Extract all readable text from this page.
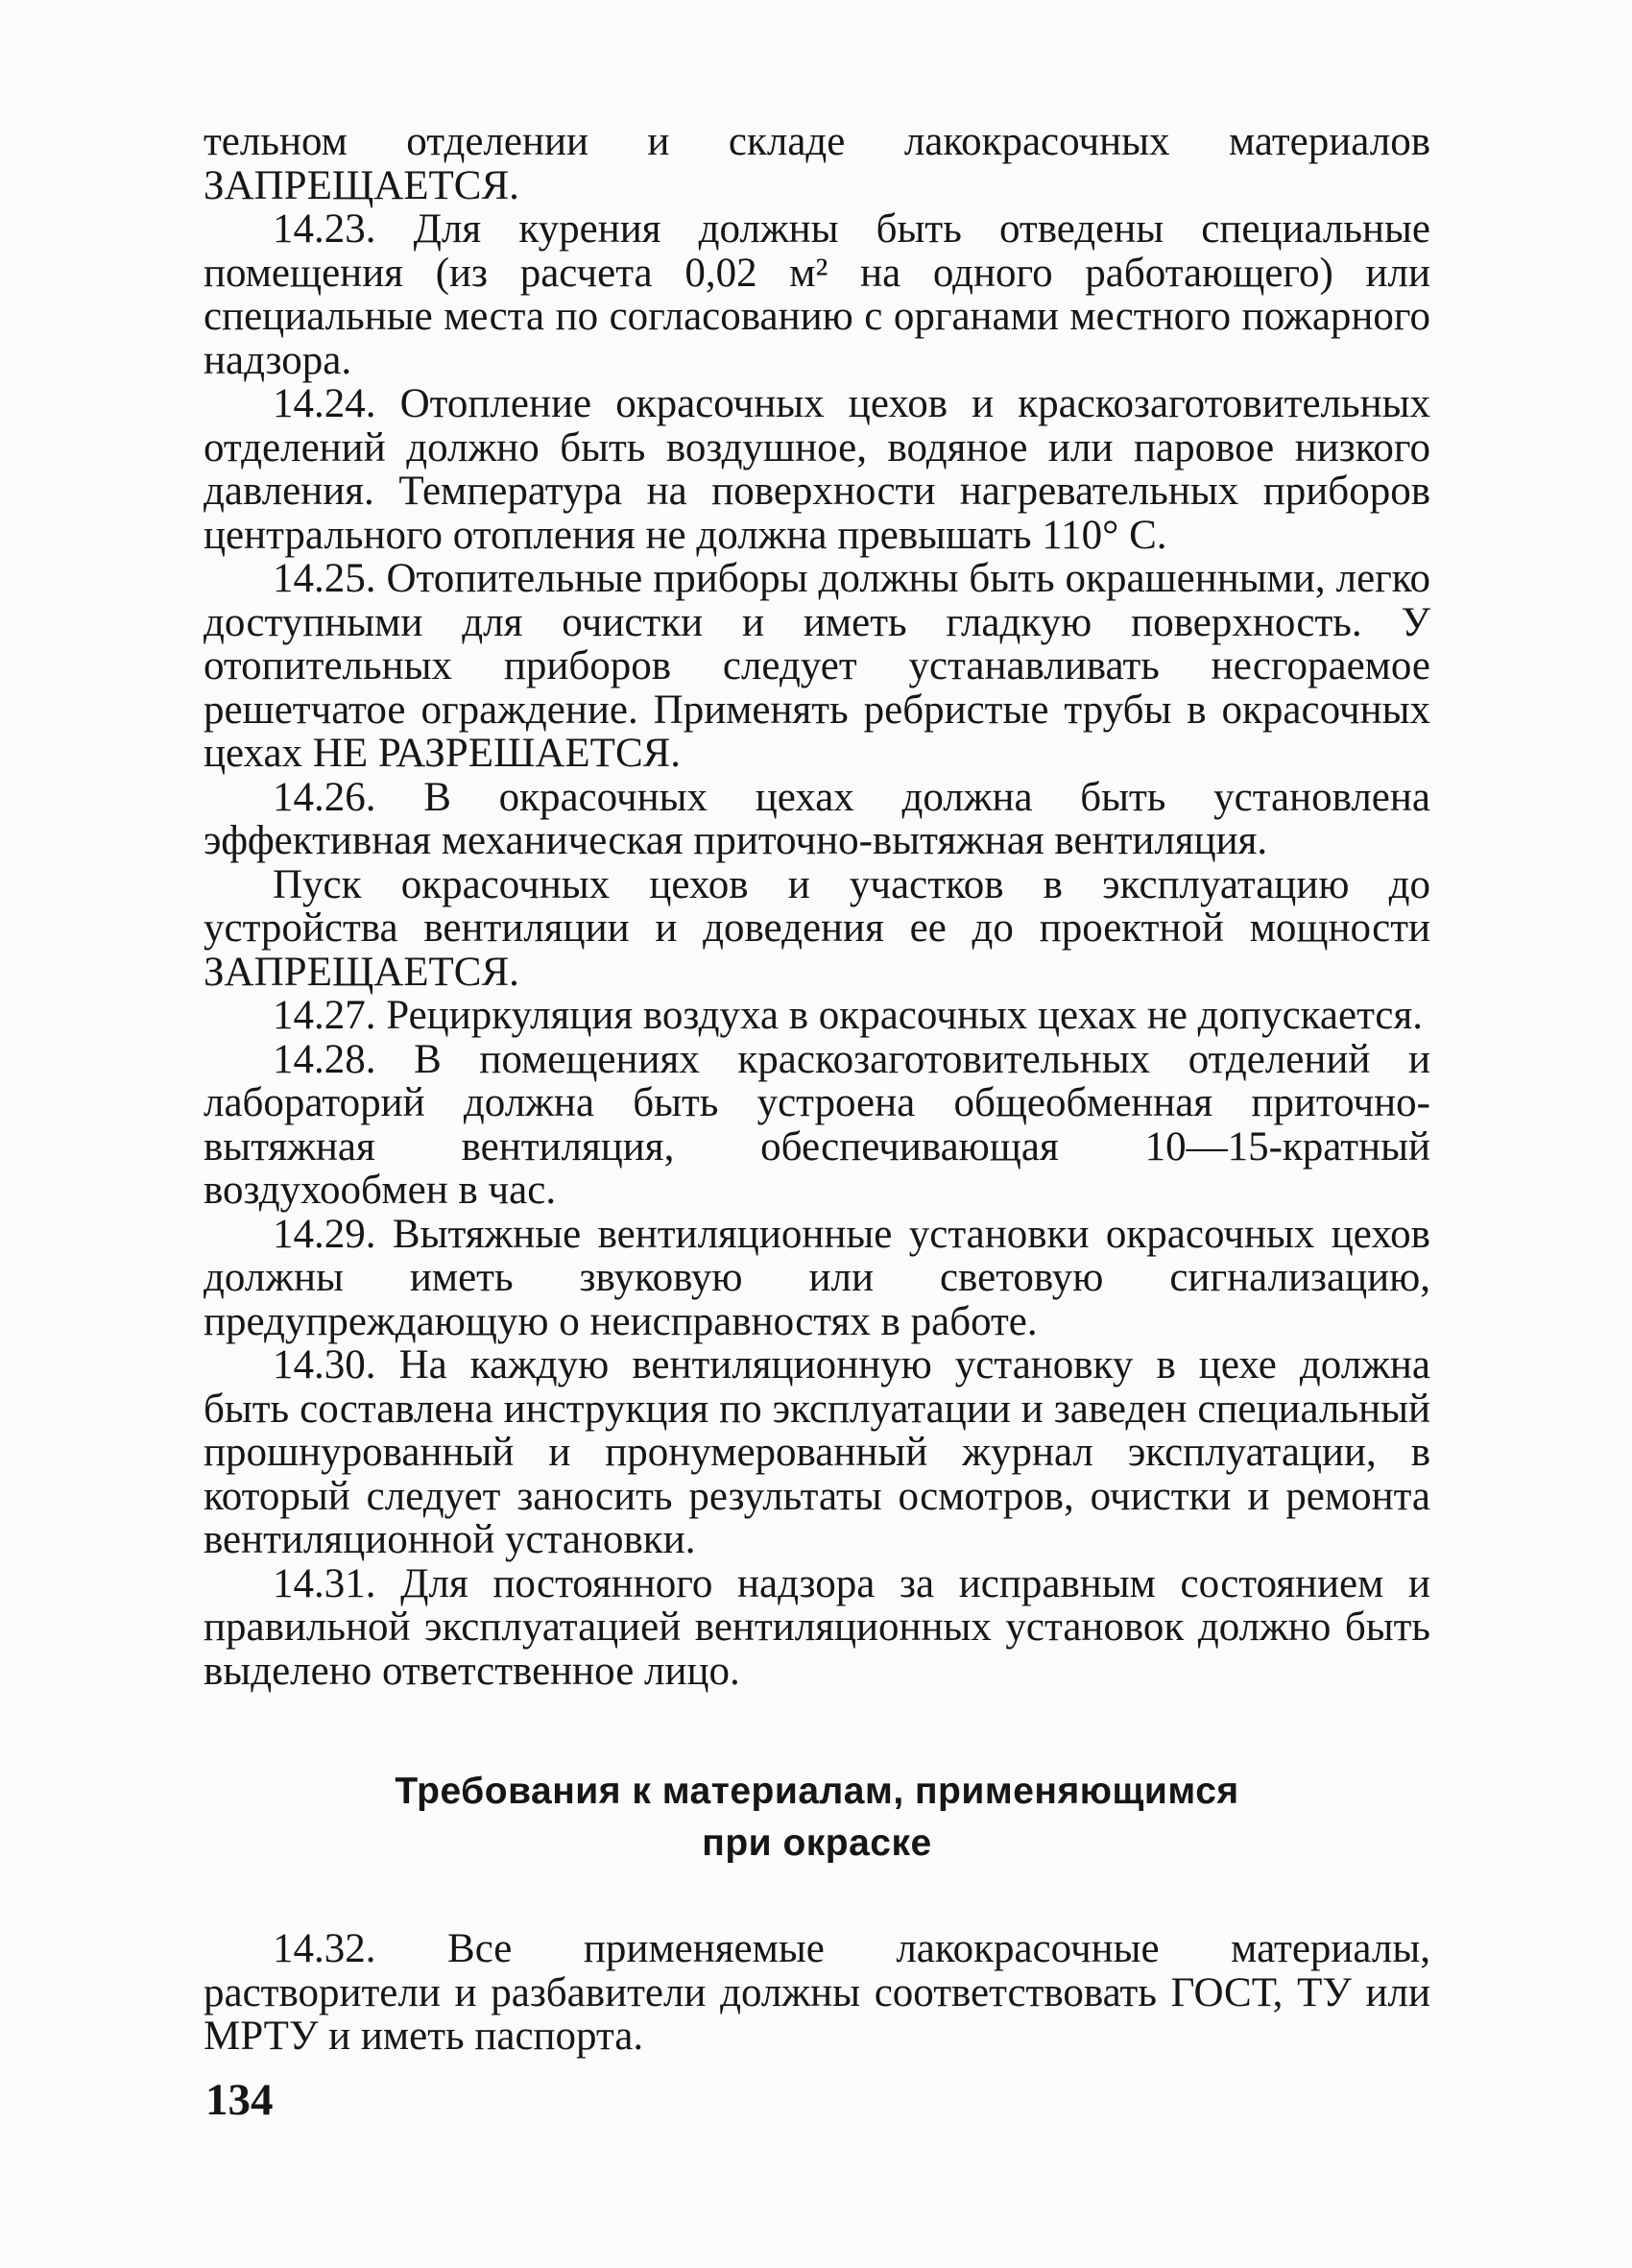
тельном отделении и складе лакокрасочных материалов ЗАПРЕЩАЕТСЯ.

14.23. Для курения должны быть отведены специальные помещения (из расчета 0,02 м² на одного работающего) или специальные места по согласованию с органами местного пожарного надзора.

14.24. Отопление окрасочных цехов и краскозаготовительных отделений должно быть воздушное, водяное или паровое низкого давления. Температура на поверхности нагревательных приборов центрального отопления не должна превышать 110° С.

14.25. Отопительные приборы должны быть окрашенными, легко доступными для очистки и иметь гладкую поверхность. У отопительных приборов следует устанавливать несгораемое решетчатое ограждение. Применять ребристые трубы в окрасочных цехах НЕ РАЗРЕШАЕТСЯ.

14.26. В окрасочных цехах должна быть установлена эффективная механическая приточно-вытяжная вентиляция.

Пуск окрасочных цехов и участков в эксплуатацию до устройства вентиляции и доведения ее до проектной мощности ЗАПРЕЩАЕТСЯ.

14.27. Рециркуляция воздуха в окрасочных цехах не допускается.

14.28. В помещениях краскозаготовительных отделений и лабораторий должна быть устроена общеобменная приточно-вытяжная вентиляция, обеспечивающая 10—15-кратный воздухообмен в час.

14.29. Вытяжные вентиляционные установки окрасочных цехов должны иметь звуковую или световую сигнализацию, предупреждающую о неисправностях в работе.

14.30. На каждую вентиляционную установку в цехе должна быть составлена инструкция по эксплуатации и заведен специальный прошнурованный и пронумерованный журнал эксплуатации, в который следует заносить результаты осмотров, очистки и ремонта вентиляционной установки.

14.31. Для постоянного надзора за исправным состоянием и правильной эксплуатацией вентиляционных установок должно быть выделено ответственное лицо.

Требования к материалам, применяющимся
при окраске

14.32. Все применяемые лакокрасочные материалы, растворители и разбавители должны соответствовать ГОСТ, ТУ или МРТУ и иметь паспорта.

134
